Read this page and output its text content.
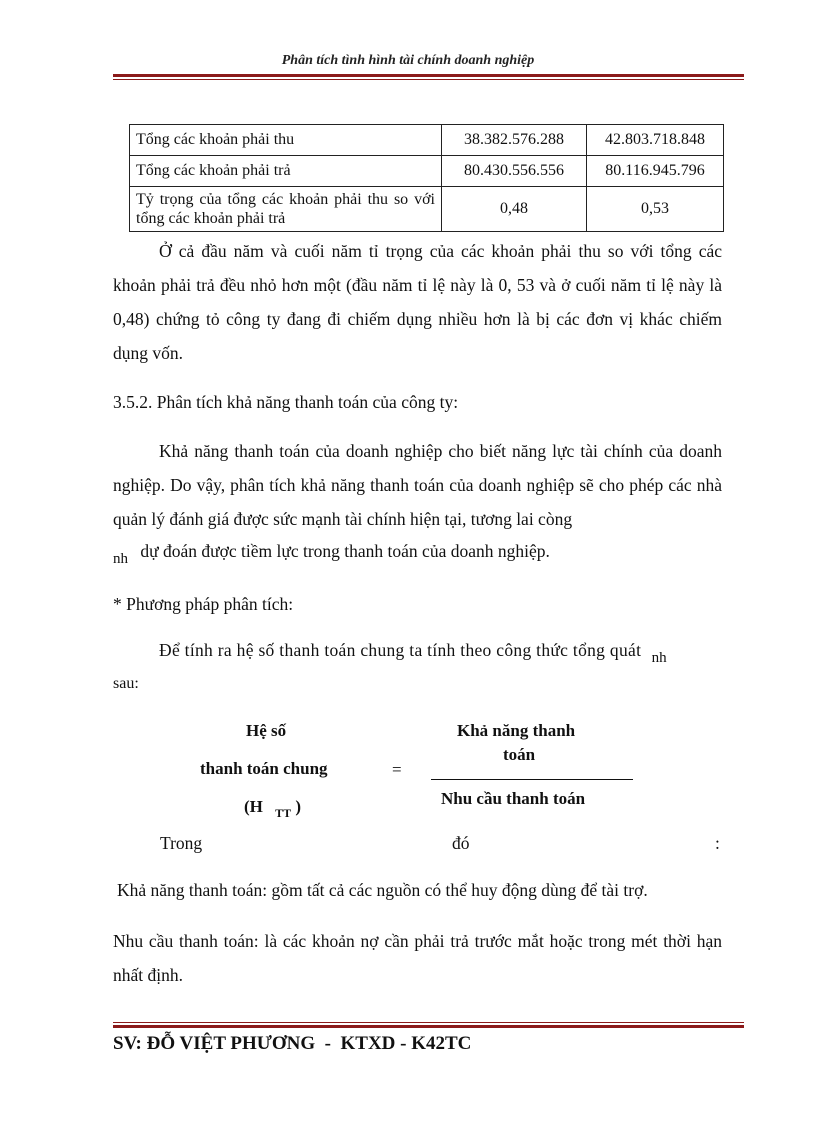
Phân tích tình hình tài chính doanh nghiệp
Tổng các khoản phải thu	38.382.576.288	42.803.718.848
Tổng các khoản phải trả	80.430.556.556	80.116.945.796
Tỷ trọng của tổng các khoản phải thu so với tổng các khoản phải trả	0,48	0,53

Ở cả đầu năm và cuối năm tỉ trọng của các khoản phải thu so với tổng các khoản phải trả đều nhỏ hơn một (đầu năm tỉ lệ này là 0, 53 và ở cuối năm tỉ lệ này là 0,48) chứng tỏ công ty đang đi chiếm dụng nhiều hơn là bị các đơn vị khác chiếm dụng vốn.

3.5.2. Phân tích khả năng thanh toán của công ty:

Khả năng thanh toán của doanh nghiệp cho biết năng lực tài chính của doanh nghiệp. Do vậy, phân tích khả năng thanh toán của doanh nghiệp sẽ cho phép các nhà quản lý đánh giá được sức mạnh tài chính hiện tại, tương lai còng

nh dự đoán được tiềm lực trong thanh toán của doanh nghiệp.
* Phương pháp phân tích:
Để tính ra hệ số thanh toán chung ta tính theo công thức tổng quát nh
sau:
Hệ số
thanh toán chung
(H $_{TT}$ )
=
Khả năng thanh
toán
Nhu cầu thanh toán
Trong	đó	:
Khả năng thanh toán: gồm tất cả các nguồn có thể huy động dùng để tài trợ.

Nhu cầu thanh toán: là các khoản nợ cần phải trả trước mắt hoặc trong mét thời hạn nhất định.

SV: ĐỖ VIỆT PHƯƠNG  -  KTXD - K42TC
